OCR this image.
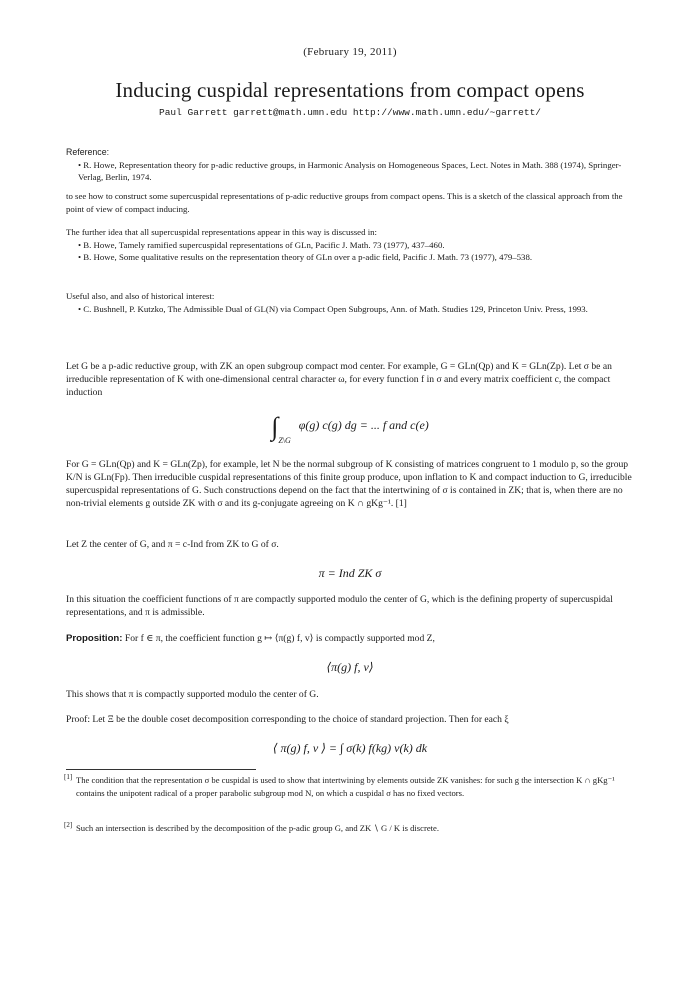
(February 19, 2011)
Inducing cuspidal representations from compact opens
Paul Garrett garrett@math.umn.edu http://www.math.umn.edu/~garrett/
Reference:
• R. Howe, Representation theory for p-adic reductive groups, in Harmonic Analysis on Homogeneous Spaces, Lect. Notes in Math. 388 (1974), Springer-Verlag, Berlin, 1974.
to see how to construct some supercuspidal representations of p-adic reductive groups from compact opens. This is a sketch of the classical approach from the point of view of compact inducing.
The further idea that all supercuspidal representations appear in this way is discussed in:
• B. Howe, Tamely ramified supercuspidal representations of GLn, Pacific J. Math. 73 (1977), 437–460.
• B. Howe, Some qualitative results on the representation theory of GLn over a p-adic field, Pacific J. Math. 73 (1977), 479–538.
Useful also, and also of historical interest:
• C. Bushnell, P. Kutzko, The Admissible Dual of GL(N) via Compact Open Subgroups, Ann. of Math. Studies 129, Princeton Univ. Press, 1993.
Let G be a p-adic reductive group, with ZK an open subgroup compact mod center. For example, G = GLn(Qp) and K = GLn(Zp). Let σ be an irreducible representation of K with one-dimensional central character ω, for every function f in σ and every matrix coefficient c, the compact induction
$\int_{Z\backslash G}\varphi(g)$ c(g) dg = ... f and c(e)
For G = GLn(Qp) and K = GLn(Zp), for example, let N be the normal subgroup of K consisting of matrices congruent to 1 modulo p, so the group K/N is GLn(Fp). Then irreducible cuspidal representations of this finite group produce, upon inflation to K and compact induction to G, irreducible supercuspidal representations of G. Such constructions depend on the fact that the intertwining of σ is contained in ZK; that is, when there are no non-trivial elements g outside ZK with σ and its g-conjugate agreeing on K ∩ gKg⁻¹. [1]
Let Z the center of G, and π = c-Ind from ZK to G of σ.
π = Ind ZK σ
In this situation the coefficient functions of π are compactly supported modulo the center of G, which is the defining property of supercuspidal representations, and π is admissible.
Proposition: For f ∈ π, the coefficient function g ↦ ⟨π(g) f, v⟩ is compactly supported mod Z,
⟨π(g) f, v⟩
This shows that π is compactly supported modulo the center of G.
Proof: Let Ξ be the double coset decomposition corresponding to the choice of standard projection. Then for each ξ
⟨ π(g) f, v ⟩ = ∫ σ(k) f(kg) v(k) dk
[1] The condition that the representation σ be cuspidal is used to show that intertwining by elements outside ZK vanishes: for such g the intersection K ∩ gKg⁻¹ contains the unipotent radical of a proper parabolic subgroup mod N, on which a cuspidal σ has no fixed vectors.
[2] Such an intersection is described by the decomposition of the p-adic group G, and ZK ∖ G / K is discrete.
